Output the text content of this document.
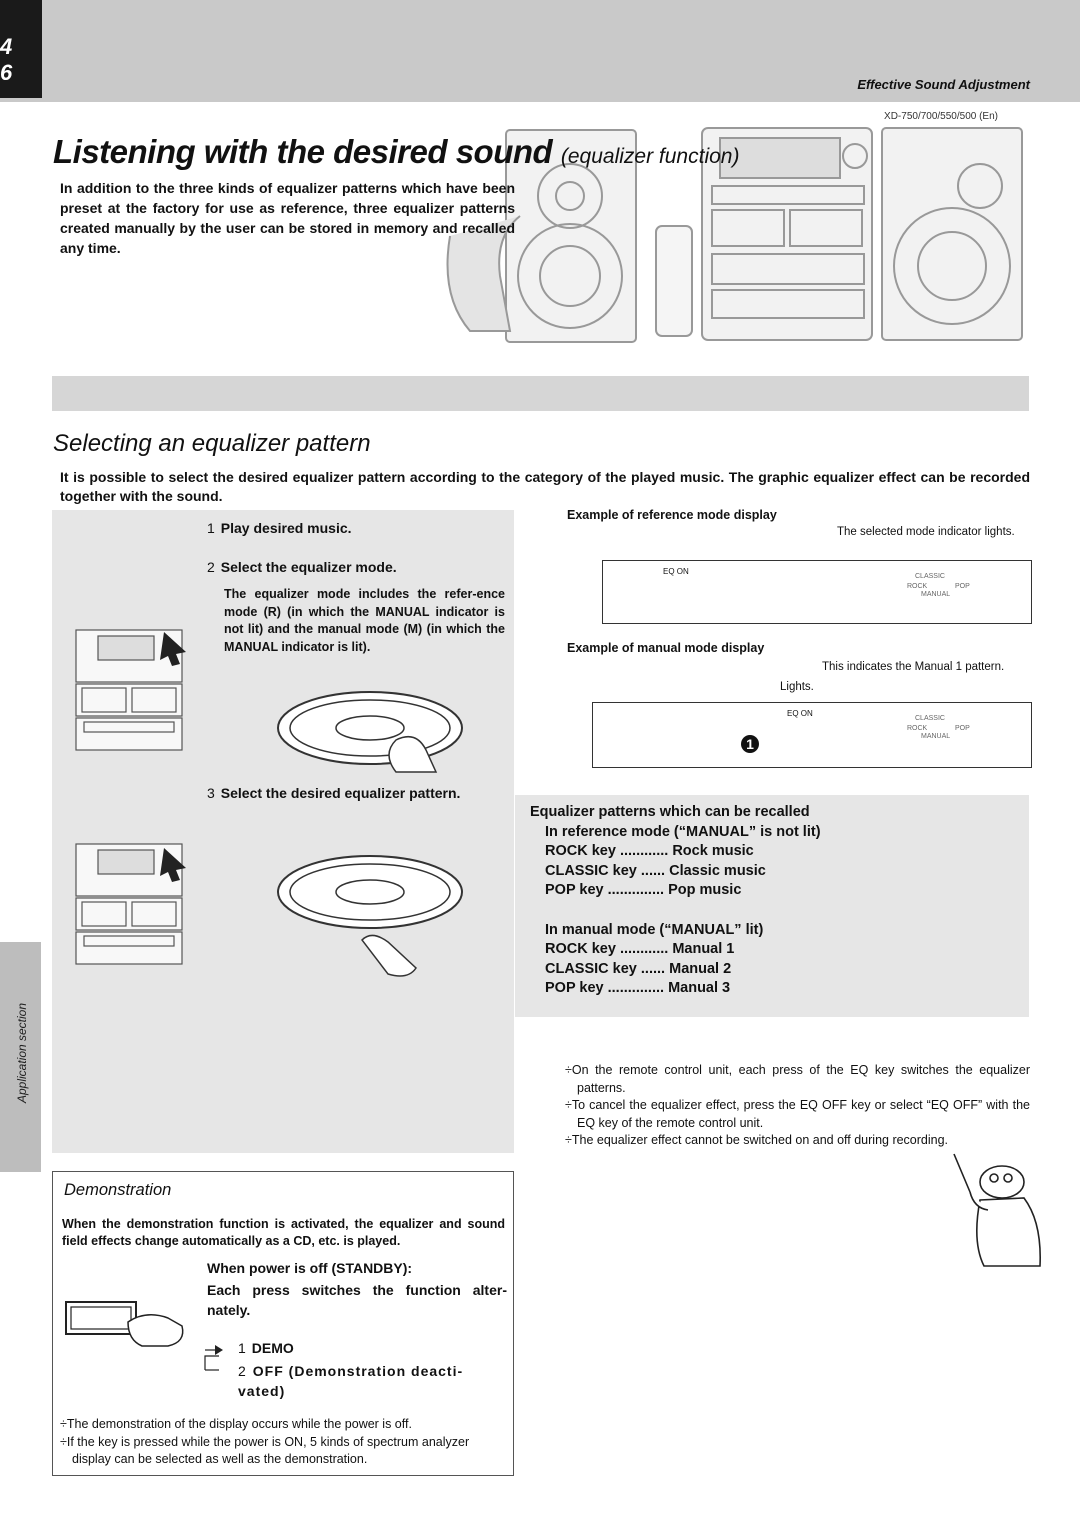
4 6	Effective Sound Adjustment
XD-750/700/550/500 (En)
Listening with the desired sound (equalizer function)
In addition to the three kinds of equalizer patterns which have been preset at the factory for use as reference, three equalizer patterns created manually by the user can be stored in memory and recalled any time.
Selecting an equalizer pattern
It is possible to select the desired equalizer pattern according to the category of the played music. The graphic equalizer effect can be recorded together with the sound.
1 Play desired music.
2 Select the equalizer mode.
The equalizer mode includes the refer-ence mode (R) (in which the MANUAL indicator is not lit) and the manual mode (M) (in which the MANUAL indicator is lit).
3 Select the desired equalizer pattern.
Application section
Example of reference mode display
The selected mode indicator lights.
EQ ON
CLASSIC
ROCK	POP
MANUAL
Example of manual mode display
This indicates the Manual 1 pattern.
Lights.
EQ ON
1
CLASSIC
ROCK	POP
MANUAL
Equalizer patterns which can be recalled
In reference mode (“MANUAL” is not lit)
ROCK key ............ Rock music
CLASSIC key ...... Classic music
POP key .............. Pop music
In manual mode (“MANUAL” lit)
ROCK key ............ Manual 1
CLASSIC key ...... Manual 2
POP key .............. Manual 3

÷On the remote control unit, each press of the EQ key switches the equalizer patterns.

÷To cancel the equalizer effect, press the EQ OFF key or select “EQ OFF” with the EQ key of the remote control unit.

÷The equalizer effect cannot be switched on and off during recording.

Demonstration
When the demonstration function is activated, the equalizer and sound field effects change automatically as a CD, etc. is played.
When power is off (STANDBY):
Each press switches the function alter-nately.
1 DEMO
2 OFF (Demonstration deacti-vated)

÷The demonstration of the display occurs while the power is off.

÷If the key is pressed while the power is ON, 5 kinds of spectrum analyzer display can be selected as well as the demonstration.
